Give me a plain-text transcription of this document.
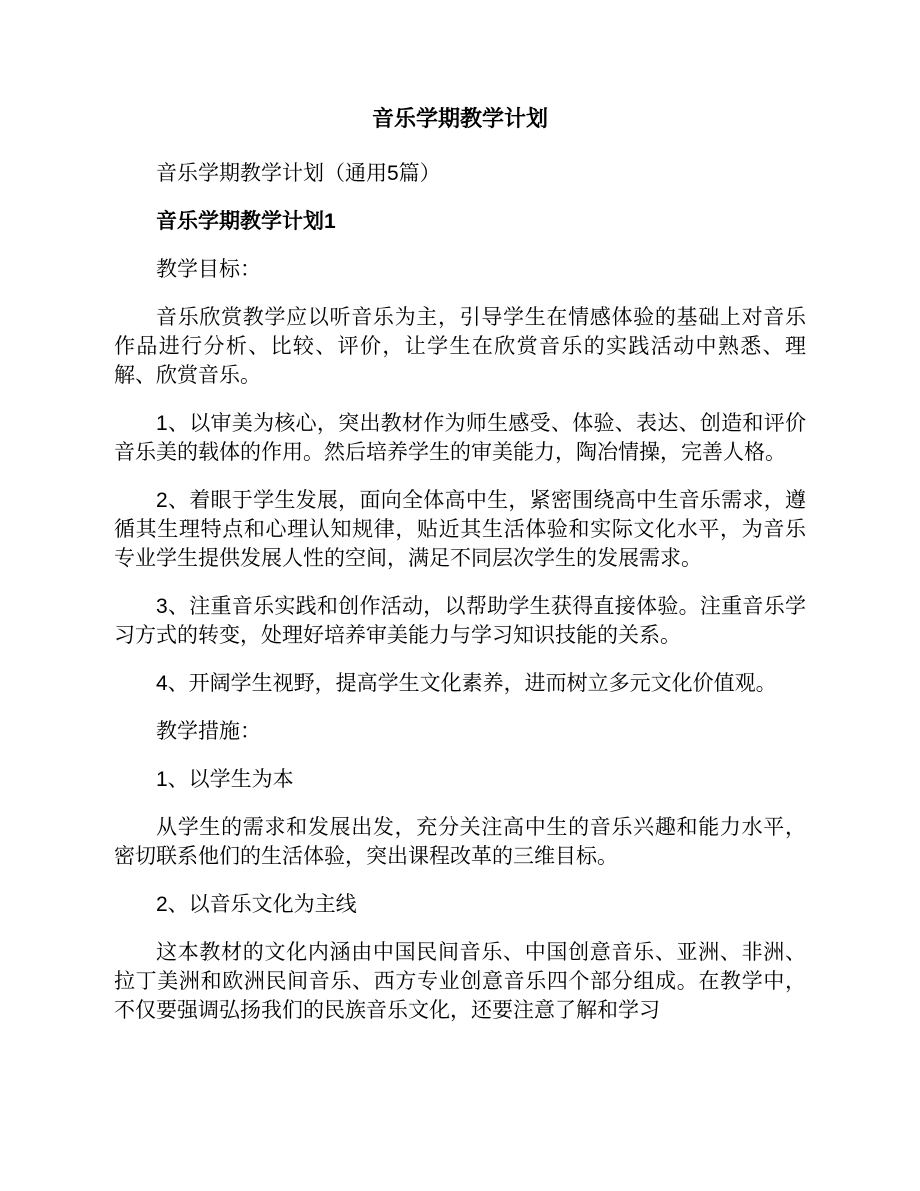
音乐学期教学计划

音乐学期教学计划（通用5篇）

音乐学期教学计划1

教学目标：

音乐欣赏教学应以听音乐为主，引导学生在情感体验的基础上对音乐作品进行分析、比较、评价，让学生在欣赏音乐的实践活动中熟悉、理解、欣赏音乐。

1、以审美为核心，突出教材作为师生感受、体验、表达、创造和评价音乐美的载体的作用。然后培养学生的审美能力，陶冶情操，完善人格。

2、着眼于学生发展，面向全体高中生，紧密围绕高中生音乐需求，遵循其生理特点和心理认知规律，贴近其生活体验和实际文化水平，为音乐专业学生提供发展人性的空间，满足不同层次学生的发展需求。

3、注重音乐实践和创作活动，以帮助学生获得直接体验。注重音乐学习方式的转变，处理好培养审美能力与学习知识技能的关系。

4、开阔学生视野，提高学生文化素养，进而树立多元文化价值观。

教学措施：

1、以学生为本

从学生的需求和发展出发，充分关注高中生的音乐兴趣和能力水平，密切联系他们的生活体验，突出课程改革的三维目标。

2、以音乐文化为主线

这本教材的文化内涵由中国民间音乐、中国创意音乐、亚洲、非洲、拉丁美洲和欧洲民间音乐、西方专业创意音乐四个部分组成。在教学中，不仅要强调弘扬我们的民族音乐文化，还要注意了解和学习
